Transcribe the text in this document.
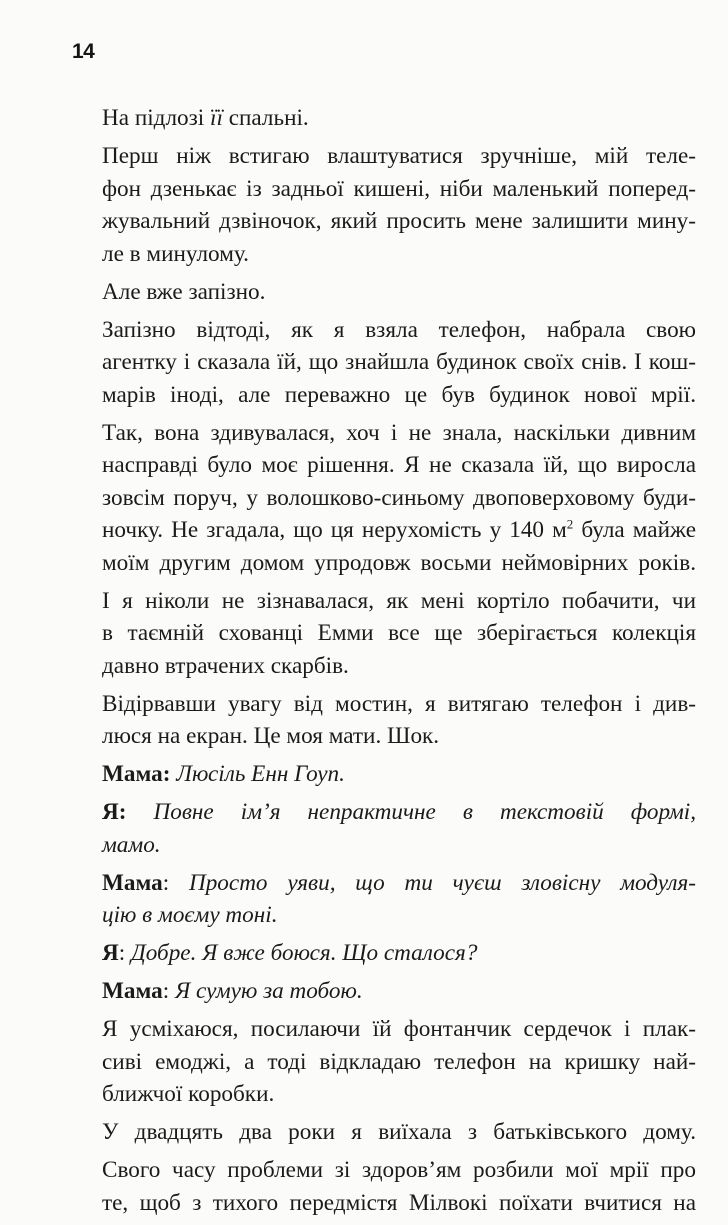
14

На підлозі її спальні.

Перш ніж встигаю влаштуватися зручніше, мій теле-
фон дзенькає із задньої кишені, ніби маленький поперед-
жувальний дзвіночок, який просить мене залишити мину-
ле в минулому.

Але вже запізно.

Запізно відтоді, як я взяла телефон, набрала свою
агентку і сказала їй, що знайшла будинок своїх снів. І кош-
марів іноді, але переважно це був будинок нової мрії.

Так, вона здивувалася, хоч і не знала, наскільки дивним
насправді було моє рішення. Я не сказала їй, що виросла
зовсім поруч, у волошково-синьому двоповерховому буди-
ночку. Не згадала, що ця нерухомість у 140 $м^2$ була майже
моїм другим домом упродовж восьми неймовірних років.

І я ніколи не зізнавалася, як мені кортіло побачити, чи
в таємній схованці Емми все ще зберігається колекція
давно втрачених скарбів.

Відірвавши увагу від мостин, я витягаю телефон і див-
люся на екран. Це моя мати. Шок.

Мама: Люсіль Енн Гоуп.

Я: Повне ім’я непрактичне в текстовій формі,
мамо.

Мама: Просто уяви, що ти чуєш зловісну модуля-
цію в моєму тоні.

Я: Добре. Я вже боюся. Що сталося?

Мама: Я сумую за тобою.

Я усміхаюся, посилаючи їй фонтанчик сердечок і плак-
сиві емоджі, а тоді відкладаю телефон на кришку най-
ближчої коробки.

У двадцять два роки я виїхала з батьківського дому.

Свого часу проблеми зі здоров’ям розбили мої мрії про
те, щоб з тихого передмістя Мілвокі поїхати вчитися на
